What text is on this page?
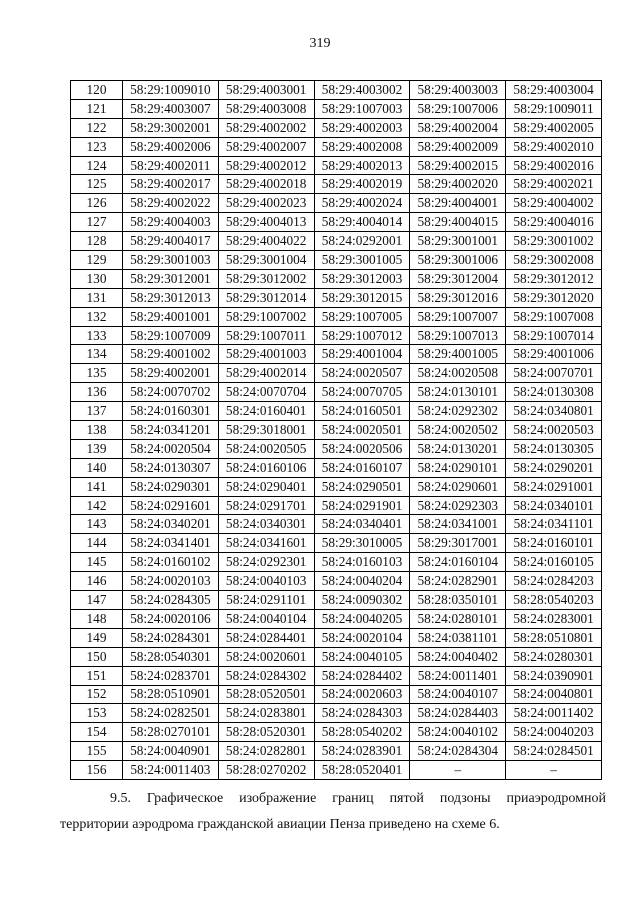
319
120	58:29:1009010	58:29:4003001	58:29:4003002	58:29:4003003	58:29:4003004
121	58:29:4003007	58:29:4003008	58:29:1007003	58:29:1007006	58:29:1009011
122	58:29:3002001	58:29:4002002	58:29:4002003	58:29:4002004	58:29:4002005
123	58:29:4002006	58:29:4002007	58:29:4002008	58:29:4002009	58:29:4002010
124	58:29:4002011	58:29:4002012	58:29:4002013	58:29:4002015	58:29:4002016
125	58:29:4002017	58:29:4002018	58:29:4002019	58:29:4002020	58:29:4002021
126	58:29:4002022	58:29:4002023	58:29:4002024	58:29:4004001	58:29:4004002
127	58:29:4004003	58:29:4004013	58:29:4004014	58:29:4004015	58:29:4004016
128	58:29:4004017	58:29:4004022	58:24:0292001	58:29:3001001	58:29:3001002
129	58:29:3001003	58:29:3001004	58:29:3001005	58:29:3001006	58:29:3002008
130	58:29:3012001	58:29:3012002	58:29:3012003	58:29:3012004	58:29:3012012
131	58:29:3012013	58:29:3012014	58:29:3012015	58:29:3012016	58:29:3012020
132	58:29:4001001	58:29:1007002	58:29:1007005	58:29:1007007	58:29:1007008
133	58:29:1007009	58:29:1007011	58:29:1007012	58:29:1007013	58:29:1007014
134	58:29:4001002	58:29:4001003	58:29:4001004	58:29:4001005	58:29:4001006
135	58:29:4002001	58:29:4002014	58:24:0020507	58:24:0020508	58:24:0070701
136	58:24:0070702	58:24:0070704	58:24:0070705	58:24:0130101	58:24:0130308
137	58:24:0160301	58:24:0160401	58:24:0160501	58:24:0292302	58:24:0340801
138	58:24:0341201	58:29:3018001	58:24:0020501	58:24:0020502	58:24:0020503
139	58:24:0020504	58:24:0020505	58:24:0020506	58:24:0130201	58:24:0130305
140	58:24:0130307	58:24:0160106	58:24:0160107	58:24:0290101	58:24:0290201
141	58:24:0290301	58:24:0290401	58:24:0290501	58:24:0290601	58:24:0291001
142	58:24:0291601	58:24:0291701	58:24:0291901	58:24:0292303	58:24:0340101
143	58:24:0340201	58:24:0340301	58:24:0340401	58:24:0341001	58:24:0341101
144	58:24:0341401	58:24:0341601	58:29:3010005	58:29:3017001	58:24:0160101
145	58:24:0160102	58:24:0292301	58:24:0160103	58:24:0160104	58:24:0160105
146	58:24:0020103	58:24:0040103	58:24:0040204	58:24:0282901	58:24:0284203
147	58:24:0284305	58:24:0291101	58:24:0090302	58:28:0350101	58:28:0540203
148	58:24:0020106	58:24:0040104	58:24:0040205	58:24:0280101	58:24:0283001
149	58:24:0284301	58:24:0284401	58:24:0020104	58:24:0381101	58:28:0510801
150	58:28:0540301	58:24:0020601	58:24:0040105	58:24:0040402	58:24:0280301
151	58:24:0283701	58:24:0284302	58:24:0284402	58:24:0011401	58:24:0390901
152	58:28:0510901	58:28:0520501	58:24:0020603	58:24:0040107	58:24:0040801
153	58:24:0282501	58:24:0283801	58:24:0284303	58:24:0284403	58:24:0011402
154	58:28:0270101	58:28:0520301	58:28:0540202	58:24:0040102	58:24:0040203
155	58:24:0040901	58:24:0282801	58:24:0283901	58:24:0284304	58:24:0284501
156	58:24:0011403	58:28:0270202	58:28:0520401	–	–
9.5. Графическое изображение границ пятой подзоны приаэродромной
территории аэродрома гражданской авиации Пенза приведено на схеме 6.
